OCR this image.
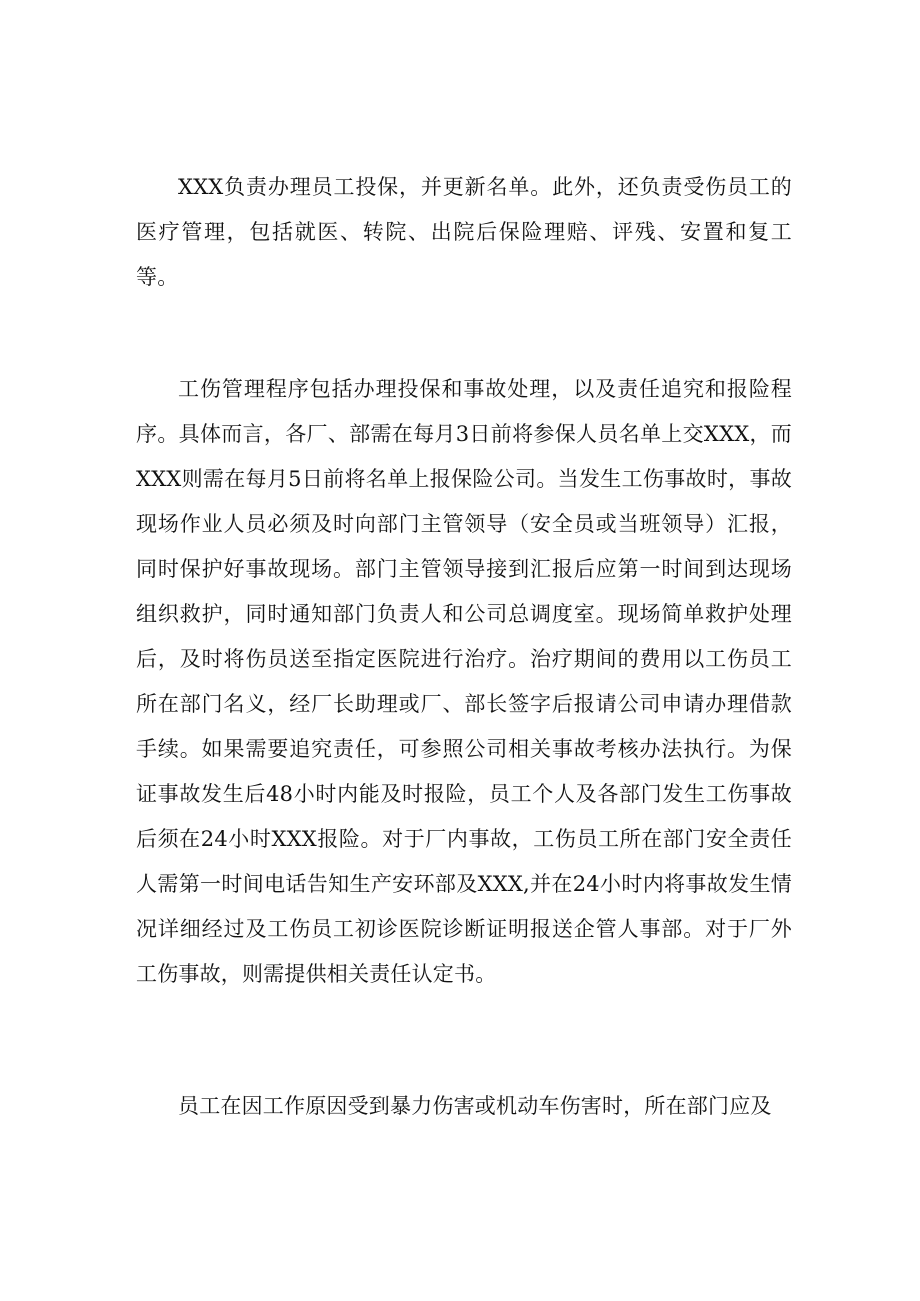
XXX负责办理员工投保，并更新名单。此外，还负责受伤员工的医疗管理，包括就医、转院、出院后保险理赔、评残、安置和复工等。

工伤管理程序包括办理投保和事故处理，以及责任追究和报险程序。具体而言，各厂、部需在每月3日前将参保人员名单上交XXX，而XXX则需在每月5日前将名单上报保险公司。当发生工伤事故时，事故现场作业人员必须及时向部门主管领导（安全员或当班领导）汇报，同时保护好事故现场。部门主管领导接到汇报后应第一时间到达现场组织救护，同时通知部门负责人和公司总调度室。现场简单救护处理后，及时将伤员送至指定医院进行治疗。治疗期间的费用以工伤员工所在部门名义，经厂长助理或厂、部长签字后报请公司申请办理借款手续。如果需要追究责任，可参照公司相关事故考核办法执行。为保证事故发生后48小时内能及时报险，员工个人及各部门发生工伤事故后须在24小时XXX报险。对于厂内事故，工伤员工所在部门安全责任人需第一时间电话告知生产安环部及XXX,并在24小时内将事故发生情况详细经过及工伤员工初诊医院诊断证明报送企管人事部。对于厂外工伤事故，则需提供相关责任认定书。

员工在因工作原因受到暴力伤害或机动车伤害时，所在部门应及
